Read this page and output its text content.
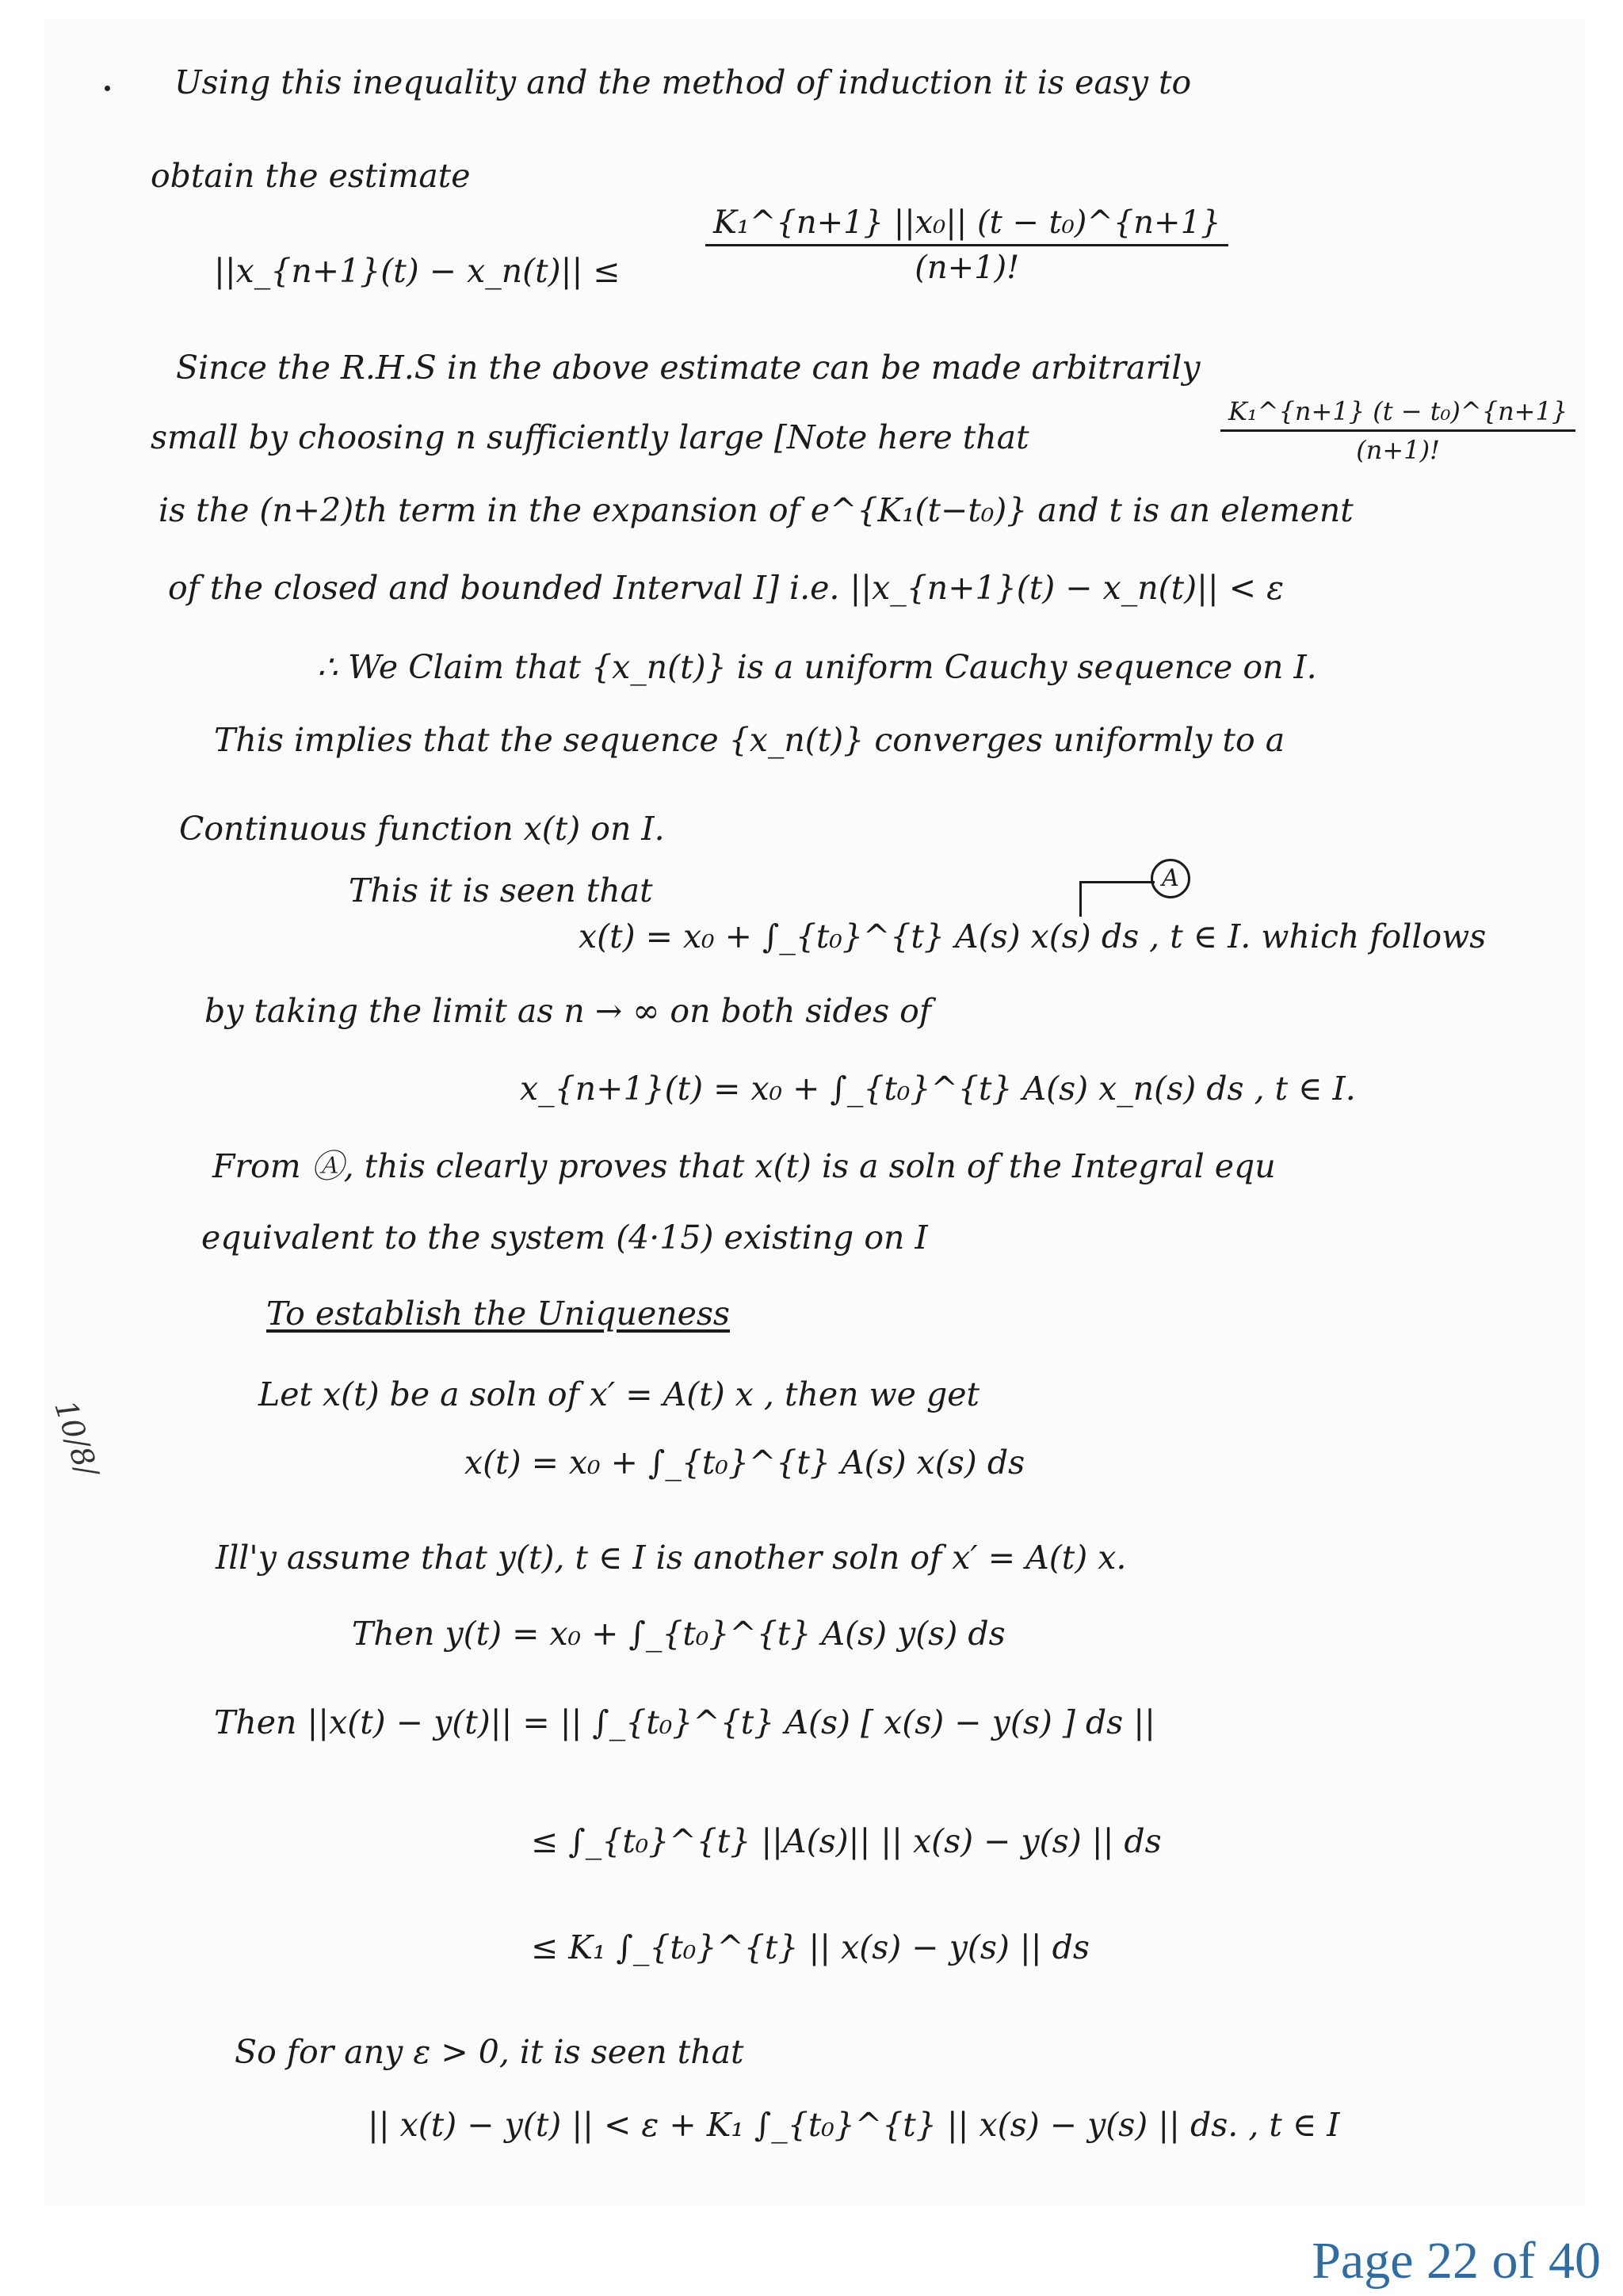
Using this inequality and the method of induction it is easy to
obtain the estimate
||x_{n+1}(t) − x_n(t)|| ≤	$\frac{\text{K₁\textasciicircum{}\{n+1\} ||x₀|| (t − t₀)\textasciicircum{}\{n+1\}}}{(n+1)!}$
Since the R.H.S in the above estimate can be made arbitrarily
small by choosing n sufficiently large [Note here that	$\frac{\text{K₁\textasciicircum{}\{n+1\} (t − t₀)\textasciicircum{}\{n+1\}}}{(n+1)!}$
is the (n+2)th term in the expansion of e^{K₁(t−t₀)} and t is an element
of the closed and bounded Interval I] i.e. ||x_{n+1}(t) − x_n(t)|| < ε
∴ We Claim that {x_n(t)} is a uniform Cauchy sequence on I.
This implies that the sequence {x_n(t)} converges uniformly to a
Continuous function x(t) on I.
This it is seen that
x(t) = x₀ + ∫_{t₀}^{t} A(s) x(s) ds , t ∈ I. which follows
A
by taking the limit as n → ∞ on both sides of
x_{n+1}(t) = x₀ + ∫_{t₀}^{t} A(s) x_n(s) ds , t ∈ I.
From Ⓐ, this clearly proves that x(t) is a soln of the Integral equ
equivalent to the system (4·15) existing on I
To establish the Uniqueness
Let x(t) be a soln of x′ = A(t) x , then we get
x(t) = x₀ + ∫_{t₀}^{t} A(s) x(s) ds
Ill'y assume that y(t), t ∈ I is another soln of x′ = A(t) x.
Then y(t) = x₀ + ∫_{t₀}^{t} A(s) y(s) ds
Then ||x(t) − y(t)|| = || ∫_{t₀}^{t} A(s) [ x(s) − y(s) ] ds ||
≤ ∫_{t₀}^{t} ||A(s)|| || x(s) − y(s) || ds
≤ K₁ ∫_{t₀}^{t} || x(s) − y(s) || ds
So for any ε > 0, it is seen that
|| x(t) − y(t) || < ε + K₁ ∫_{t₀}^{t} || x(s) − y(s) || ds. , t ∈ I
10/8/
Page 22 of 40
